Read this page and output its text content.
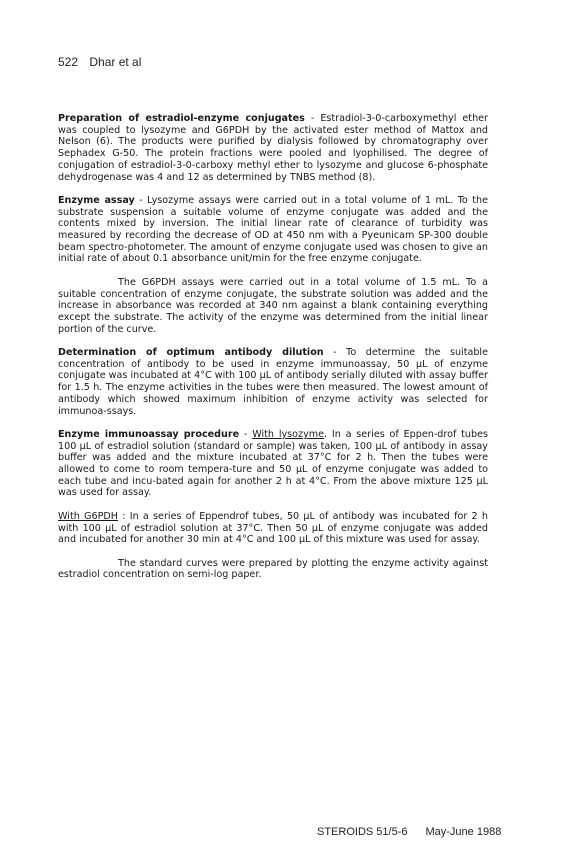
522 Dhar et al

Preparation of estradiol-enzyme conjugates - Estradiol-3-0-carboxymethyl ether was coupled to lysozyme and G6PDH by the activated ester method of Mattox and Nelson (6). The products were purified by dialysis followed by chromatography over Sephadex G-50. The protein fractions were pooled and lyophilised. The degree of conjugation of estradiol-3-0-carboxy methyl ether to lysozyme and glucose 6-phosphate dehydrogenase was 4 and 12 as determined by TNBS method (8).

Enzyme assay - Lysozyme assays were carried out in a total volume of 1 mL. To the substrate suspension a suitable volume of enzyme conjugate was added and the contents mixed by inversion. The initial linear rate of clearance of turbidity was measured by recording the decrease of OD at 450 nm with a Pyeunicam SP-300 double beam spectro-photometer. The amount of enzyme conjugate used was chosen to give an initial rate of about 0.1 absorbance unit/min for the free enzyme conjugate.

The G6PDH assays were carried out in a total volume of 1.5 mL. To a suitable concentration of enzyme conjugate, the substrate solution was added and the increase in absorbance was recorded at 340 nm against a blank containing everything except the substrate. The activity of the enzyme was determined from the initial linear portion of the curve.

Determination of optimum antibody dilution - To determine the suitable concentration of antibody to be used in enzyme immunoassay, 50 µL of enzyme conjugate was incubated at 4°C with 100 µL of antibody serially diluted with assay buffer for 1.5 h. The enzyme activities in the tubes were then measured. The lowest amount of antibody which showed maximum inhibition of enzyme activity was selected for immunoa-ssays.

Enzyme immunoassay procedure - With lysozyme. In a series of Eppen-drof tubes 100 µL of estradiol solution (standard or sample) was taken, 100 µL of antibody in assay buffer was added and the mixture incubated at 37°C for 2 h. Then the tubes were allowed to come to room tempera-ture and 50 µL of enzyme conjugate was added to each tube and incu-bated again for another 2 h at 4°C. From the above mixture 125 µL was used for assay.

With G6PDH : In a series of Eppendrof tubes, 50 µL of antibody was incubated for 2 h with 100 µL of estradiol solution at 37°C. Then 50 µL of enzyme conjugate was added and incubated for another 30 min at 4°C and 100 µL of this mixture was used for assay.

The standard curves were prepared by plotting the enzyme activity against estradiol concentration on semi-log paper.

STEROIDS 51/5-6 May-June 1988
